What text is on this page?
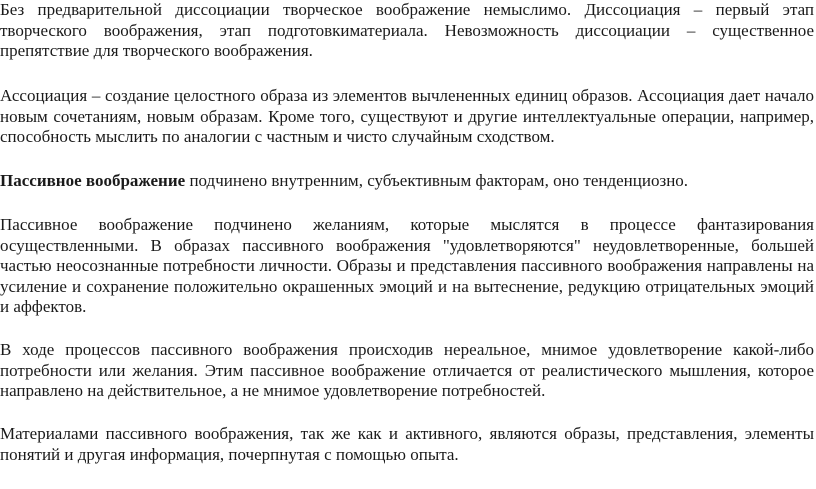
Без предварительной диссоциации творческое воображение немыслимо. Диссоциация – первый этап творческого воображения, этап подготовкиматериала. Невозможность диссоциации – существенное препятствие для творческого воображения.

Ассоциация – создание целостного образа из элементов вычлененных единиц образов. Ассоциация дает начало новым сочетаниям, новым образам. Кроме того, существуют и другие интеллектуальные операции, например, способность мыслить по аналогии с частным и чисто случайным сходством.

Пассивное воображение подчинено внутренним, субъективным факторам, оно тенденциозно.

Пассивное воображение подчинено желаниям, которые мыслятся в процессе фантазирования осуществленными. В образах пассивного воображения "удовлетворяются" неудовлетворенные, большей частью неосознанные потребности личности. Образы и представления пассивного воображения направлены на усиление и сохранение положительно окрашенных эмоций и на вытеснение, редукцию отрицательных эмоций и аффектов.

В ходе процессов пассивного воображения происходив нереальное, мнимое удовлетворение какой-либо потребности или желания. Этим пассивное воображение отличается от реалистического мышления, которое направлено на действительное, а не мнимое удовлетворение потребностей.

Материалами пассивного воображения, так же как и активного, являются образы, представления, элементы понятий и другая информация, почерпнутая с помощью опыта.
